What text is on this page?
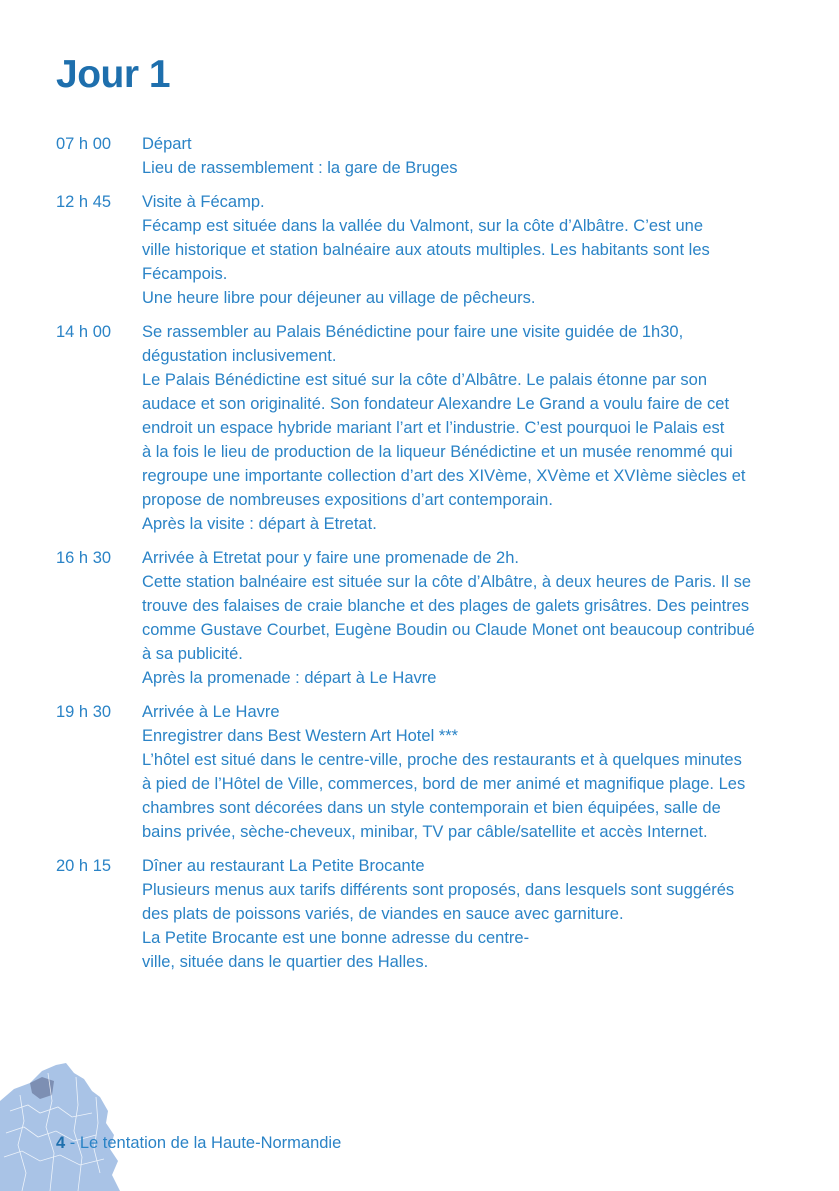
Jour 1
07 h 00	Départ
Lieu de rassemblement : la gare de Bruges
12 h 45	Visite à Fécamp.
Fécamp est située dans la vallée du Valmont, sur la côte d’Albâtre. C’est une
ville historique et station balnéaire aux atouts multiples. Les habitants sont les
Fécampois.
Une heure libre pour déjeuner au village de pêcheurs.
14 h 00	Se rassembler au Palais Bénédictine pour faire une visite guidée de 1h30,
dégustation inclusivement.
Le Palais Bénédictine est situé sur la côte d’Albâtre. Le palais étonne par son
audace et son originalité. Son fondateur Alexandre Le Grand a voulu faire de cet
endroit un espace hybride mariant l’art et l’industrie. C’est pourquoi le Palais est
à la fois le lieu de production de la liqueur Bénédictine et un musée renommé qui
regroupe une importante collection d’art des XIVème, XVème et XVIème siècles et
propose de nombreuses expositions d’art contemporain.
Après la visite : départ à Etretat.
16 h 30	Arrivée à Etretat pour y faire une promenade de 2h.
Cette station balnéaire est située sur la côte d’Albâtre, à deux heures de Paris. Il se
trouve des falaises de craie blanche et des plages de galets grisâtres. Des peintres
comme Gustave Courbet, Eugène Boudin ou Claude Monet ont beaucoup contribué
à sa publicité.
Après la promenade : départ à Le Havre
19 h 30	Arrivée à Le Havre
Enregistrer dans Best Western Art Hotel ***
L’hôtel est situé dans le centre-ville, proche des restaurants et à quelques minutes
à pied de l’Hôtel de Ville, commerces, bord de mer animé et magnifique plage. Les
chambres sont décorées dans un style contemporain et bien équipées, salle de
bains privée, sèche-cheveux, minibar, TV par câble/satellite et accès Internet.
20 h 15	Dîner au restaurant La Petite Brocante
Plusieurs menus aux tarifs différents sont proposés, dans lesquels sont suggérés
des plats de poissons variés, de viandes en sauce avec garniture.
La Petite Brocante est une bonne adresse du centre-
ville, située dans le quartier des Halles.
4 - Le tentation de la Haute-Normandie
